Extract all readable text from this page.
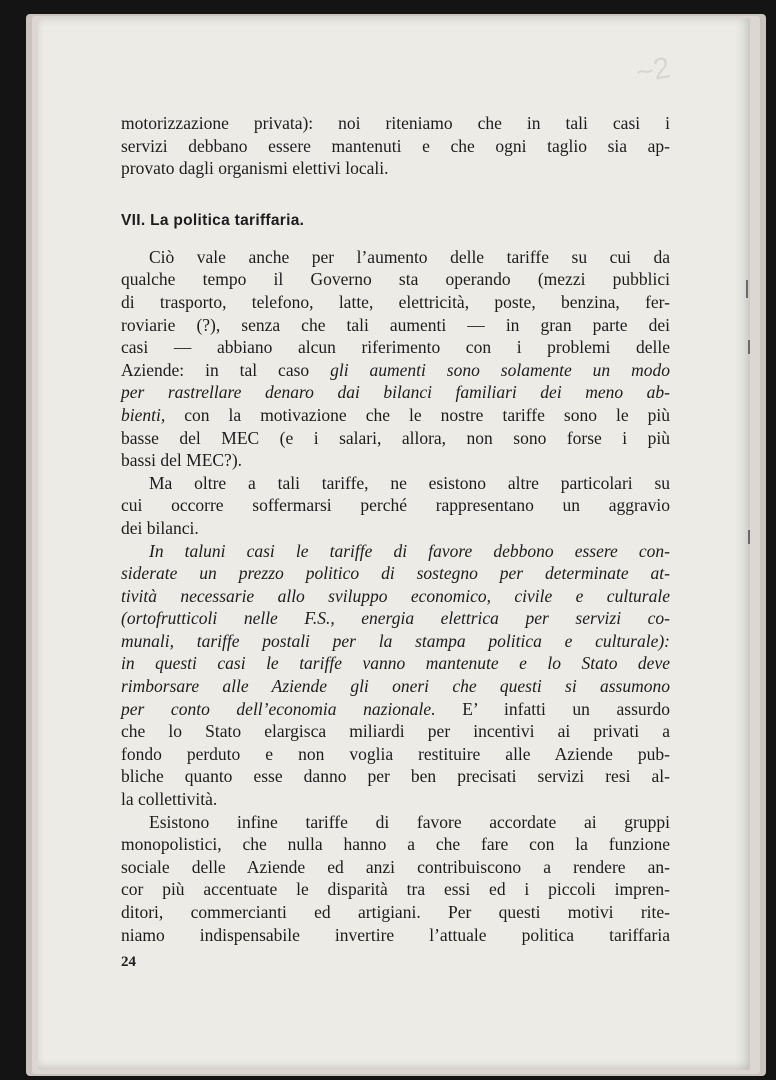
~2
motorizzazione privata): noi riteniamo che in tali casi i
servizi debbano essere mantenuti e che ogni taglio sia ap-
provato dagli organismi elettivi locali.
VII. La politica tariffaria.
Ciò vale anche per l’aumento delle tariffe su cui da
qualche tempo il Governo sta operando (mezzi pubblici
di trasporto, telefono, latte, elettricità, poste, benzina, fer-
roviarie (?), senza che tali aumenti — in gran parte dei
casi — abbiano alcun riferimento con i problemi delle
Aziende: in tal caso gli aumenti sono solamente un modo
per rastrellare denaro dai bilanci familiari dei meno ab-
bienti, con la motivazione che le nostre tariffe sono le più
basse del MEC (e i salari, allora, non sono forse i più
bassi del MEC?).
Ma oltre a tali tariffe, ne esistono altre particolari su
cui occorre soffermarsi perché rappresentano un aggravio
dei bilanci.
In taluni casi le tariffe di favore debbono essere con-
siderate un prezzo politico di sostegno per determinate at-
tività necessarie allo sviluppo economico, civile e culturale
(ortofrutticoli nelle F.S., energia elettrica per servizi co-
munali, tariffe postali per la stampa politica e culturale):
in questi casi le tariffe vanno mantenute e lo Stato deve
rimborsare alle Aziende gli oneri che questi si assumono
per conto dell’economia nazionale. E’ infatti un assurdo
che lo Stato elargisca miliardi per incentivi ai privati a
fondo perduto e non voglia restituire alle Aziende pub-
bliche quanto esse danno per ben precisati servizi resi al-
la collettività.
Esistono infine tariffe di favore accordate ai gruppi
monopolistici, che nulla hanno a che fare con la funzione
sociale delle Aziende ed anzi contribuiscono a rendere an-
cor più accentuate le disparità tra essi ed i piccoli impren-
ditori, commercianti ed artigiani. Per questi motivi rite-
niamo indispensabile invertire l’attuale politica tariffaria
24
